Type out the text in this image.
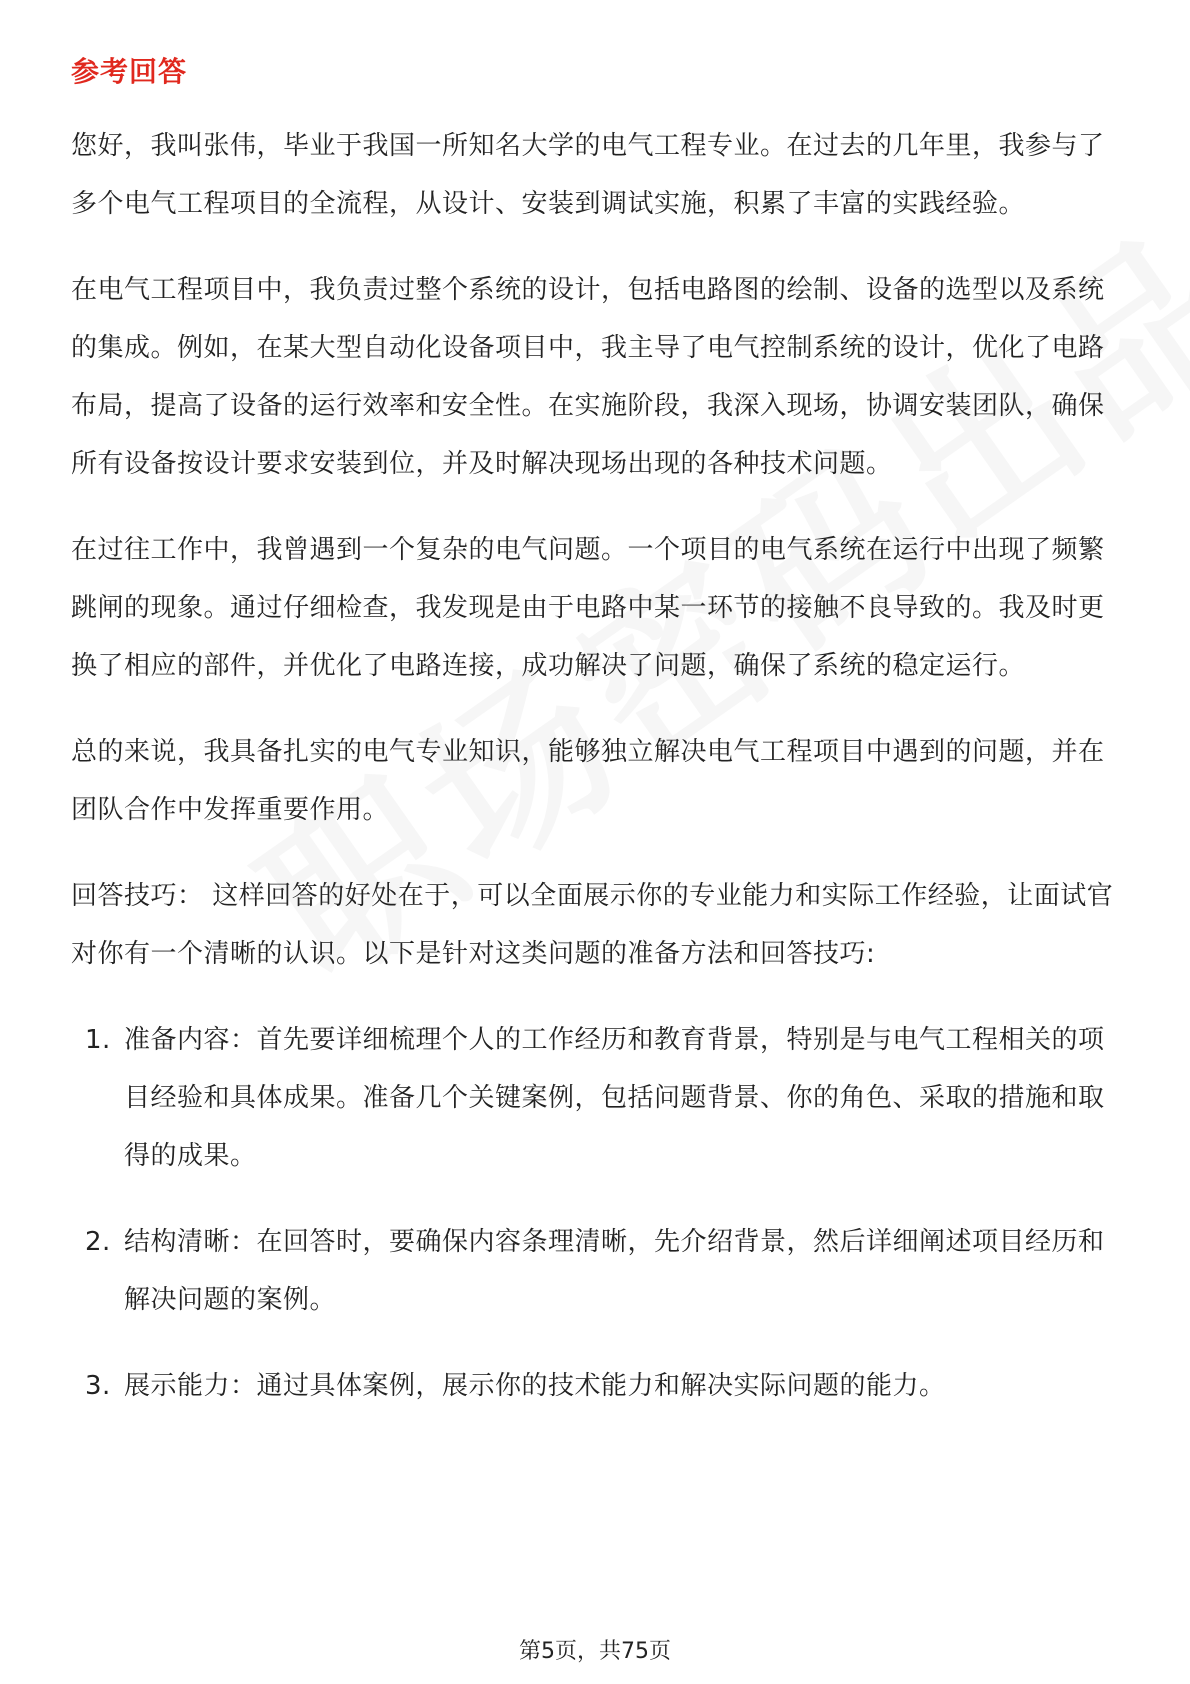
参考回答

您好，我叫张伟，毕业于我国一所知名大学的电气工程专业。在过去的几年里，我参与了多个电气工程项目的全流程，从设计、安装到调试实施，积累了丰富的实践经验。

在电气工程项目中，我负责过整个系统的设计，包括电路图的绘制、设备的选型以及系统的集成。例如，在某大型自动化设备项目中，我主导了电气控制系统的设计，优化了电路布局，提高了设备的运行效率和安全性。在实施阶段，我深入现场，协调安装团队，确保所有设备按设计要求安装到位，并及时解决现场出现的各种技术问题。

在过往工作中，我曾遇到一个复杂的电气问题。一个项目的电气系统在运行中出现了频繁跳闸的现象。通过仔细检查，我发现是由于电路中某一环节的接触不良导致的。我及时更换了相应的部件，并优化了电路连接，成功解决了问题，确保了系统的稳定运行。

总的来说，我具备扎实的电气专业知识，能够独立解决电气工程项目中遇到的问题，并在团队合作中发挥重要作用。

回答技巧： 这样回答的好处在于，可以全面展示你的专业能力和实际工作经验，让面试官对你有一个清晰的认识。以下是针对这类问题的准备方法和回答技巧:

1. 准备内容：首先要详细梳理个人的工作经历和教育背景，特别是与电气工程相关的项目经验和具体成果。准备几个关键案例，包括问题背景、你的角色、采取的措施和取得的成果。
2. 结构清晰：在回答时，要确保内容条理清晰，先介绍背景，然后详细阐述项目经历和解决问题的案例。
3. 展示能力：通过具体案例，展示你的技术能力和解决实际问题的能力。
第5页，共75页
